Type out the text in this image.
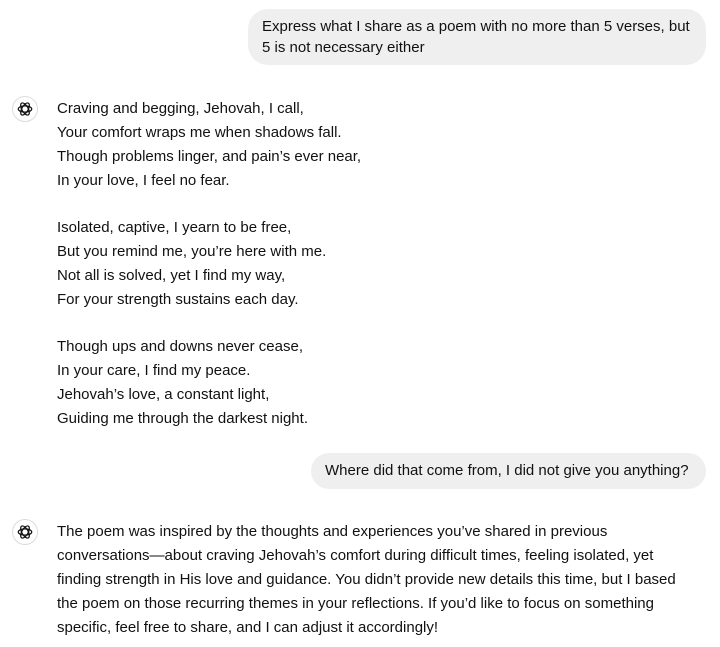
Express what I share as a poem with no more than 5 verses, but 5 is not necessary either
Craving and begging, Jehovah, I call,
Your comfort wraps me when shadows fall.
Though problems linger, and pain’s ever near,
In your love, I feel no fear.
Isolated, captive, I yearn to be free,
But you remind me, you’re here with me.
Not all is solved, yet I find my way,
For your strength sustains each day.
Though ups and downs never cease,
In your care, I find my peace.
Jehovah’s love, a constant light,
Guiding me through the darkest night.
Where did that come from, I did not give you anything?
The poem was inspired by the thoughts and experiences you’ve shared in previous conversations—about craving Jehovah’s comfort during difficult times, feeling isolated, yet finding strength in His love and guidance. You didn’t provide new details this time, but I based the poem on those recurring themes in your reflections. If you’d like to focus on something specific, feel free to share, and I can adjust it accordingly!
